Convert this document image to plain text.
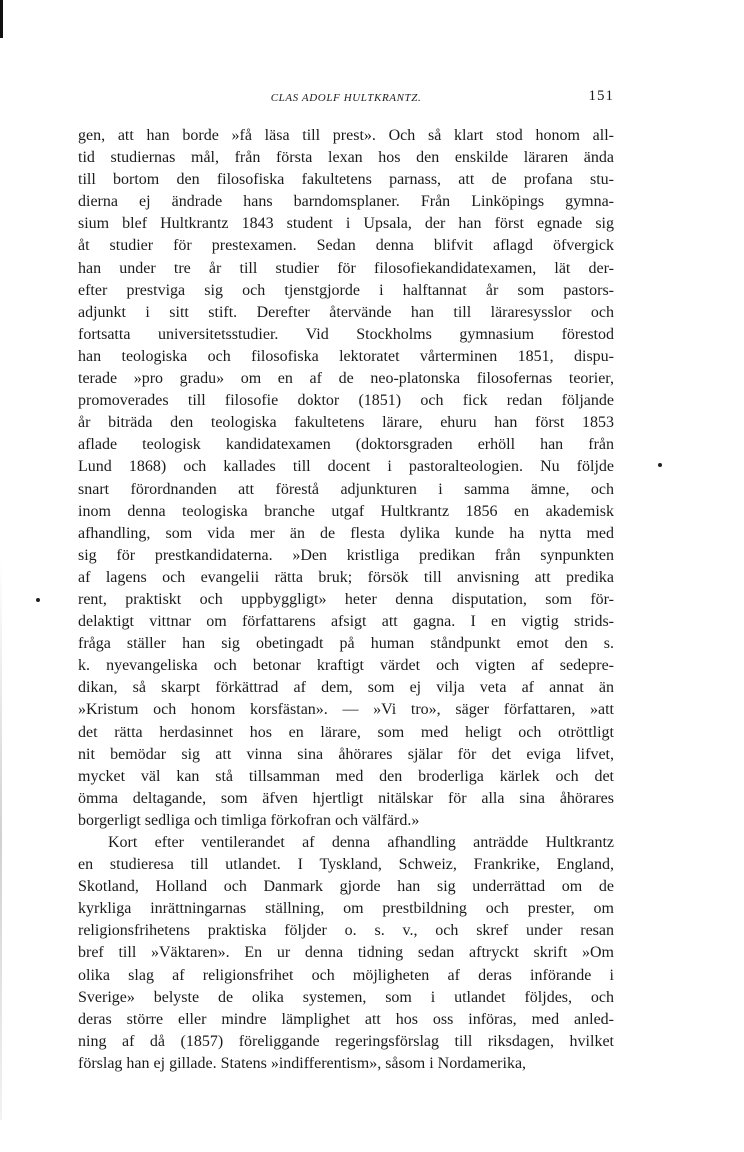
CLAS ADOLF HULTKRANTZ.	151
gen, att han borde »få läsa till prest». Och så klart stod honom all-
tid studiernas mål, från första lexan hos den enskilde läraren ända
till bortom den filosofiska fakultetens parnass, att de profana stu-
dierna ej ändrade hans barndomsplaner. Från Linköpings gymna-
sium blef Hultkrantz 1843 student i Upsala, der han först egnade sig
åt studier för prestexamen. Sedan denna blifvit aflagd öfvergick
han under tre år till studier för filosofiekandidatexamen, lät der-
efter prestviga sig och tjenstgjorde i halftannat år som pastors-
adjunkt i sitt stift. Derefter återvände han till läraresysslor och
fortsatta universitetsstudier. Vid Stockholms gymnasium förestod
han teologiska och filosofiska lektoratet vårterminen 1851, dispu-
terade »pro gradu» om en af de neo-platonska filosofernas teorier,
promoverades till filosofie doktor (1851) och fick redan följande
år biträda den teologiska fakultetens lärare, ehuru han först 1853
aflade teologisk kandidatexamen (doktorsgraden erhöll han från
Lund 1868) och kallades till docent i pastoralteologien. Nu följde
snart förordnanden att förestå adjunkturen i samma ämne, och
inom denna teologiska branche utgaf Hultkrantz 1856 en akademisk
afhandling, som vida mer än de flesta dylika kunde ha nytta med
sig för prestkandidaterna. »Den kristliga predikan från synpunkten
af lagens och evangelii rätta bruk; försök till anvisning att predika
rent, praktiskt och uppbyggligt» heter denna disputation, som för-
delaktigt vittnar om författarens afsigt att gagna. I en vigtig strids-
fråga ställer han sig obetingadt på human ståndpunkt emot den s.
k. nyevangeliska och betonar kraftigt värdet och vigten af sedepre-
dikan, så skarpt förkättrad af dem, som ej vilja veta af annat än
»Kristum och honom korsfästan». — »Vi tro», säger författaren, »att
det rätta herdasinnet hos en lärare, som med heligt och otröttligt
nit bemödar sig att vinna sina åhörares själar för det eviga lifvet,
mycket väl kan stå tillsamman med den broderliga kärlek och det
ömma deltagande, som äfven hjertligt nitälskar för alla sina åhörares
borgerligt sedliga och timliga förkofran och välfärd.»
Kort efter ventilerandet af denna afhandling anträdde Hultkrantz
en studieresa till utlandet. I Tyskland, Schweiz, Frankrike, England,
Skotland, Holland och Danmark gjorde han sig underrättad om de
kyrkliga inrättningarnas ställning, om prestbildning och prester, om
religionsfrihetens praktiska följder o. s. v., och skref under resan
bref till »Väktaren». En ur denna tidning sedan aftryckt skrift »Om
olika slag af religionsfrihet och möjligheten af deras införande i
Sverige» belyste de olika systemen, som i utlandet följdes, och
deras större eller mindre lämplighet att hos oss införas, med anled-
ning af då (1857) föreliggande regeringsförslag till riksdagen, hvilket
förslag han ej gillade. Statens »indifferentism», såsom i Nordamerika,
